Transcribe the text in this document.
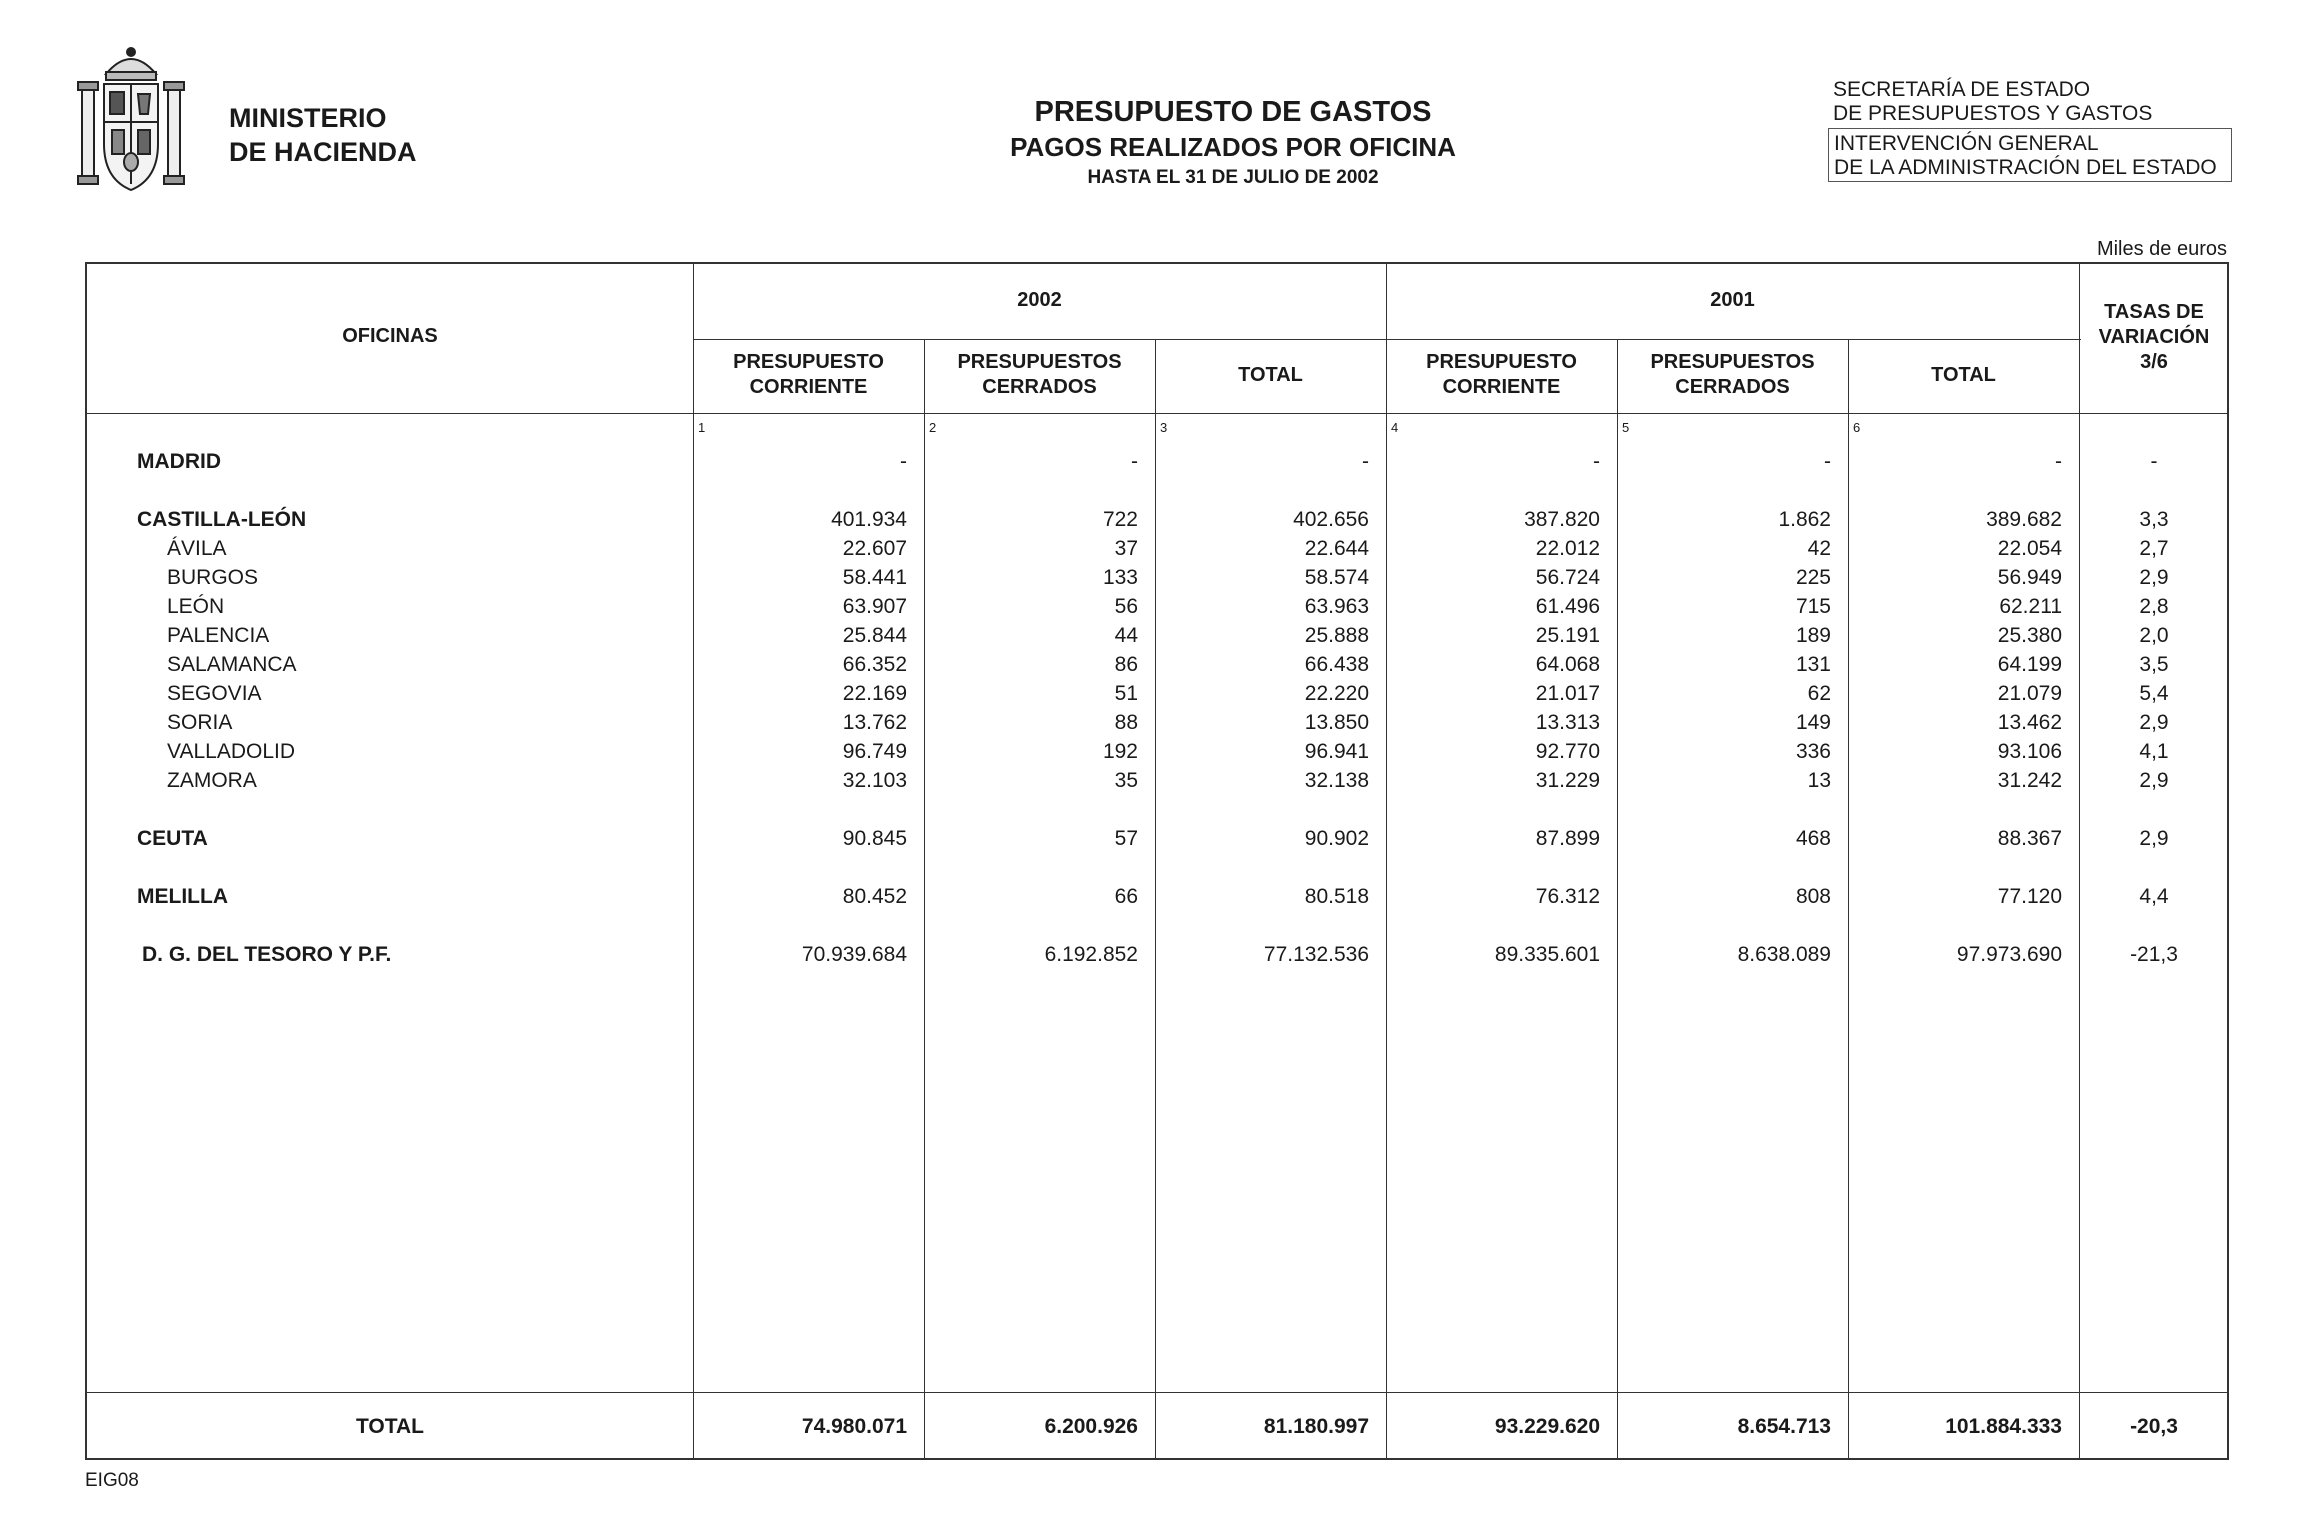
MINISTERIO
DE HACIENDA
PRESUPUESTO DE GASTOS
PAGOS REALIZADOS POR OFICINA
HASTA EL 31 DE JULIO DE 2002
SECRETARÍA DE ESTADO
DE PRESUPUESTOS Y GASTOS
INTERVENCIÓN GENERAL
DE LA ADMINISTRACIÓN DEL ESTADO
Miles de euros
OFICINAS
2002	2001
TASAS DE VARIACIÓN 3/6
PRESUPUESTO CORRIENTE
PRESUPUESTOS CERRADOS
TOTAL
PRESUPUESTO CORRIENTE
PRESUPUESTOS CERRADOS
TOTAL
1	2	3	4	5	6
MADRID	-	-	-	-	-	-	-
CASTILLA-LEÓN	401.934	722	402.656	387.820	1.862	389.682	3,3
ÁVILA	22.607	37	22.644	22.012	42	22.054	2,7
BURGOS	58.441	133	58.574	56.724	225	56.949	2,9
LEÓN	63.907	56	63.963	61.496	715	62.211	2,8
PALENCIA	25.844	44	25.888	25.191	189	25.380	2,0
SALAMANCA	66.352	86	66.438	64.068	131	64.199	3,5
SEGOVIA	22.169	51	22.220	21.017	62	21.079	5,4
SORIA	13.762	88	13.850	13.313	149	13.462	2,9
VALLADOLID	96.749	192	96.941	92.770	336	93.106	4,1
ZAMORA	32.103	35	32.138	31.229	13	31.242	2,9
CEUTA	90.845	57	90.902	87.899	468	88.367	2,9
MELILLA	80.452	66	80.518	76.312	808	77.120	4,4
D. G. DEL TESORO Y P.F.	70.939.684	6.192.852	77.132.536	89.335.601	8.638.089	97.973.690	-21,3
TOTAL	74.980.071	6.200.926	81.180.997	93.229.620	8.654.713	101.884.333	-20,3
EIG08
